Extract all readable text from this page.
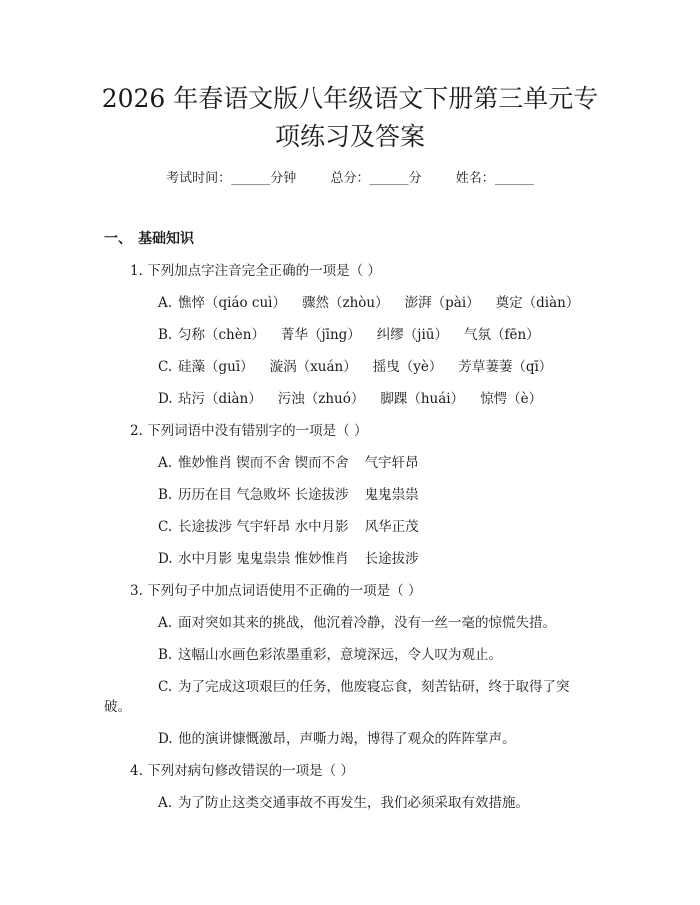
2026 年春语文版八年级语文下册第三单元专
项练习及答案
考试时间：______分钟	总分：______分	姓名：______
一、 基础知识
1. 下列加点字注音完全正确的一项是（ ）
A. 憔悴（qiáo cuì） 骤然（zhòu） 澎湃（pài） 奠定（diàn）
B. 匀称（chèn） 菁华（jīng） 纠缪（jiū） 气氛（fēn）
C. 硅藻（guī） 漩涡（xuán） 摇曳（yè） 芳草萋萋（qī）
D. 玷污（diàn） 污浊（zhuó） 脚踝（huái） 惊愕（è）
2. 下列词语中没有错别字的一项是（ ）
A. 惟妙惟肖 锲而不舍 锲而不舍 气宇轩昂
B. 历历在目 气急败坏 长途拔涉 鬼鬼祟祟
C. 长途拔涉 气宇轩昂 水中月影 风华正茂
D. 水中月影 鬼鬼祟祟 惟妙惟肖 长途拔涉
3. 下列句子中加点词语使用不正确的一项是（ ）
A. 面对突如其来的挑战，他沉着冷静，没有一丝一毫的惊慌失措。
B. 这幅山水画色彩浓墨重彩，意境深远，令人叹为观止。
C. 为了完成这项艰巨的任务，他废寝忘食，刻苦钻研，终于取得了突
破。
D. 他的演讲慷慨激昂，声嘶力竭，博得了观众的阵阵掌声。
4. 下列对病句修改错误的一项是（ ）
A. 为了防止这类交通事故不再发生，我们必须采取有效措施。
